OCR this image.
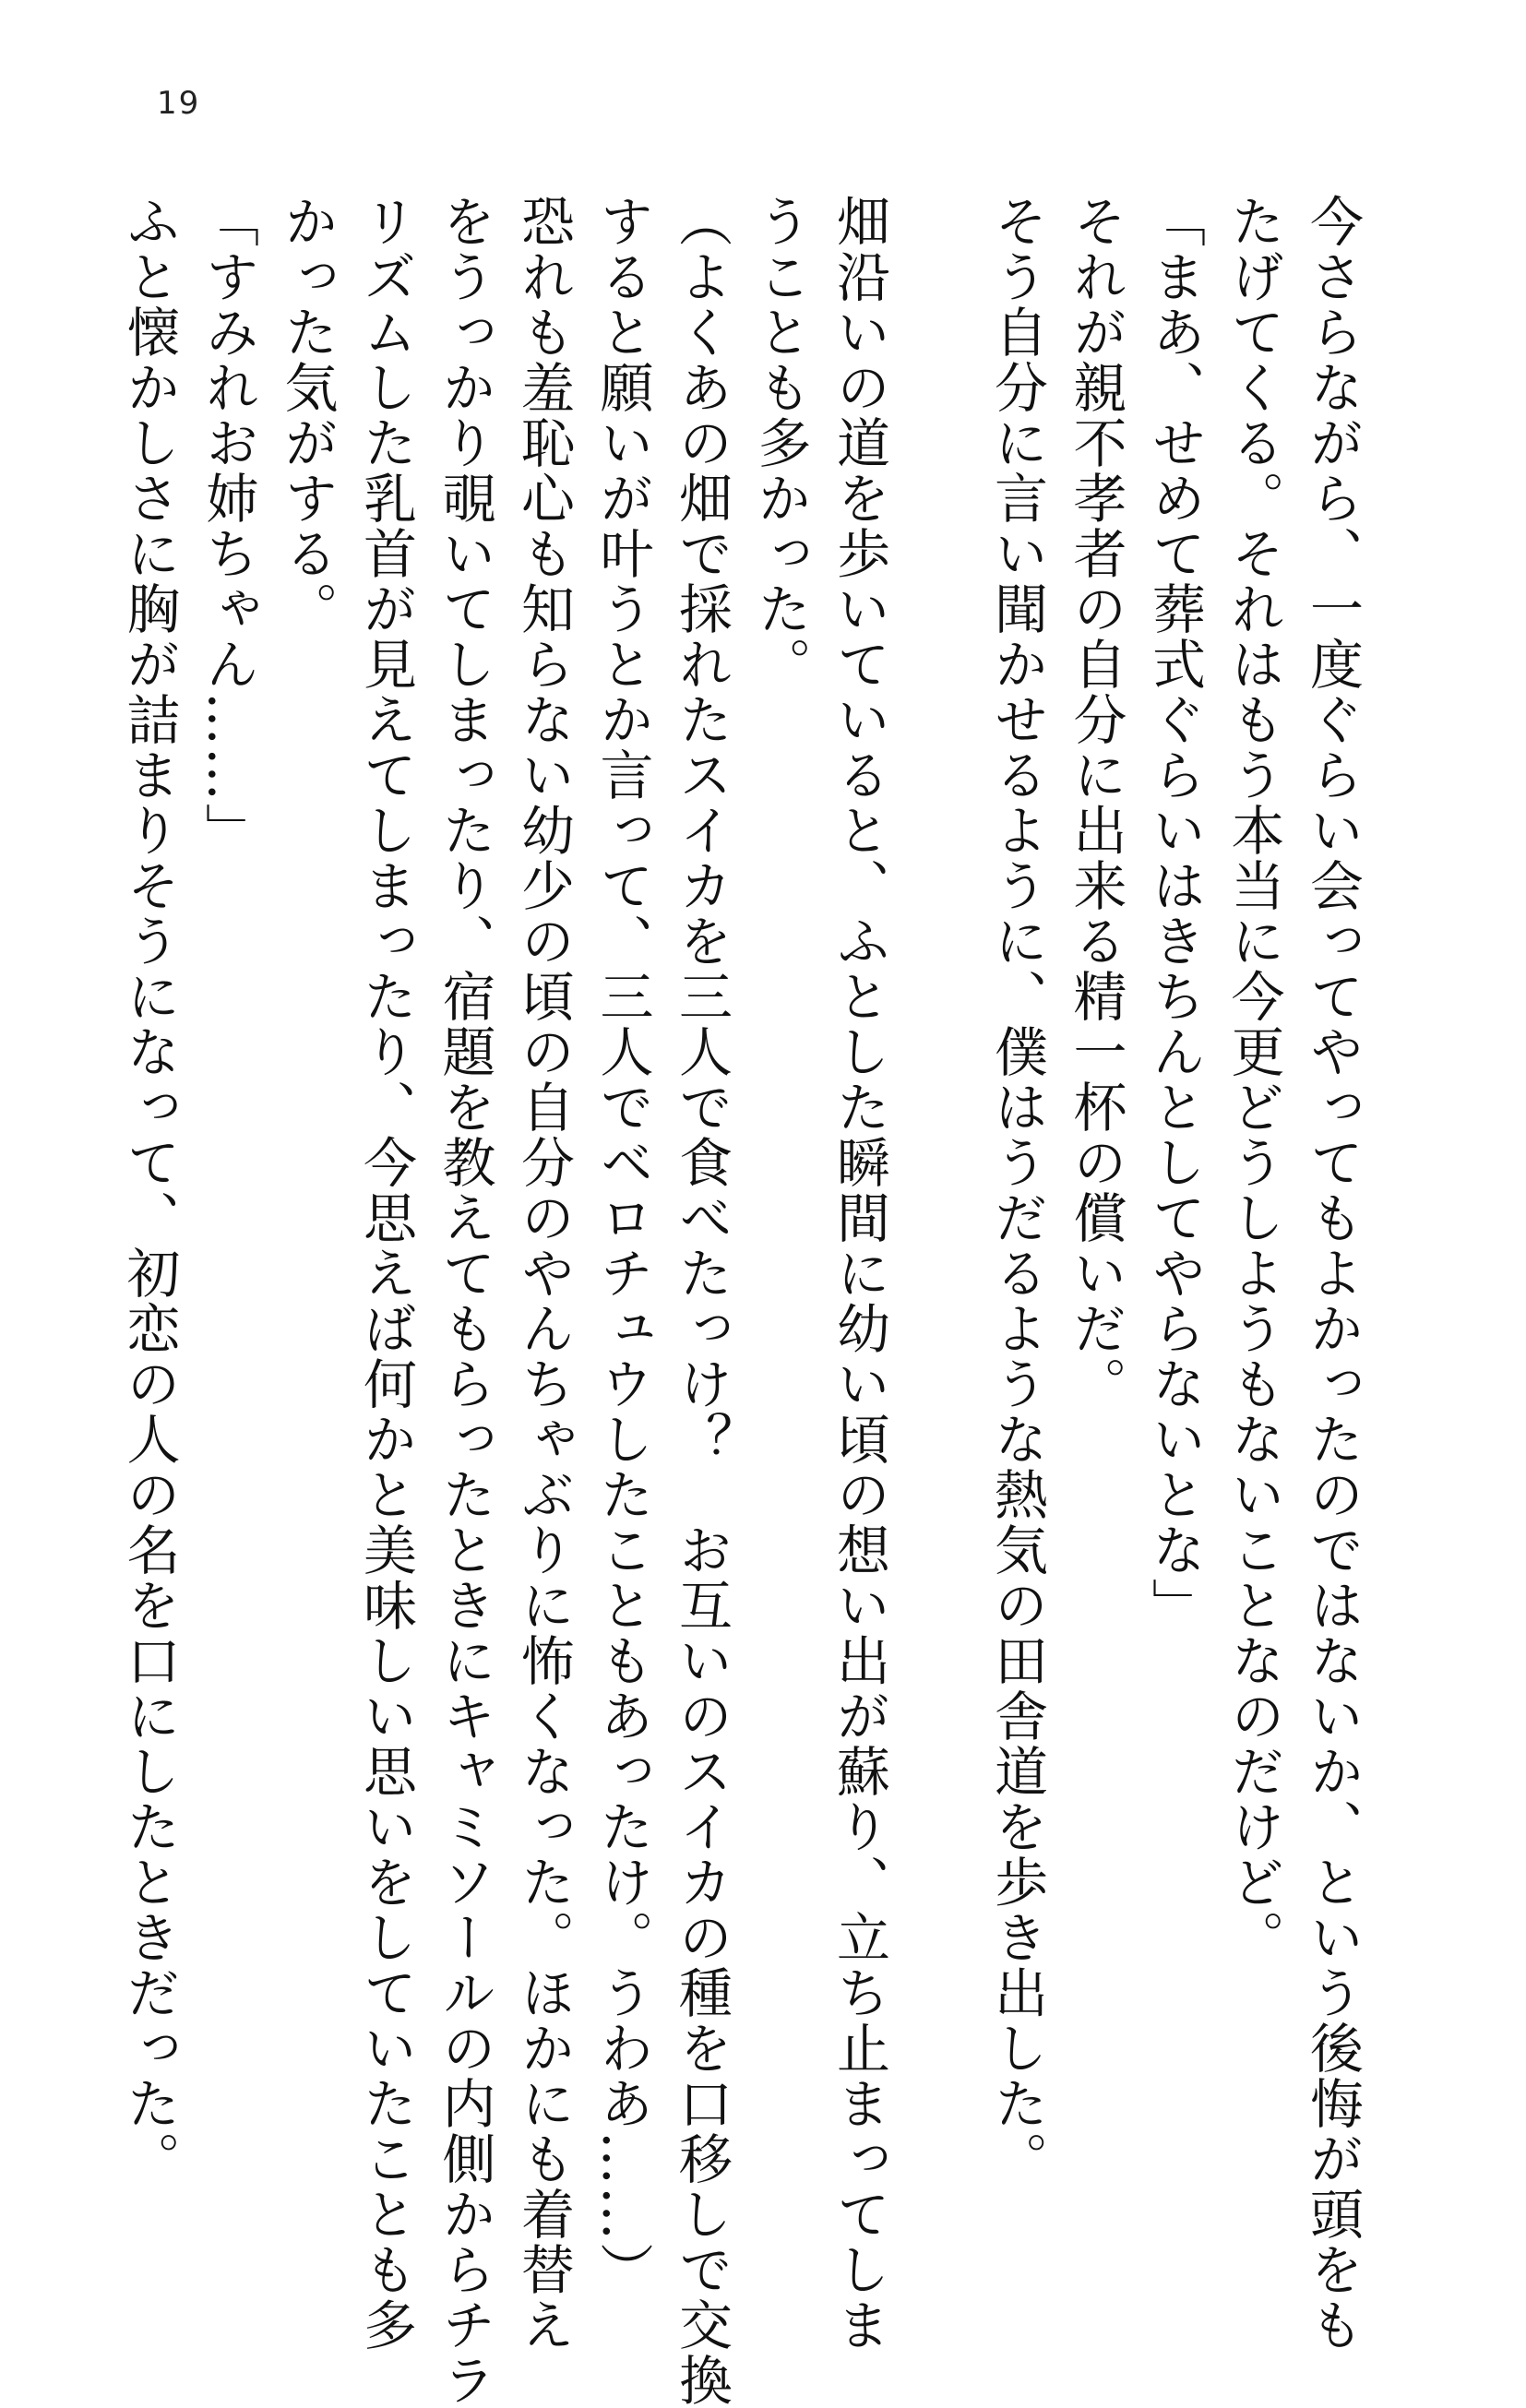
19
今さらながら、一度ぐらい会ってやってもよかったのではないか、という後悔が頭をも
たげてくる。それはもう本当に今更どうしようもないことなのだけど。
「まあ、せめて葬式ぐらいはきちんとしてやらないとな」
それが親不孝者の自分に出来る精一杯の償いだ。
そう自分に言い聞かせるように、僕はうだるような熱気の田舎道を歩き出した。
畑沿いの道を歩いていると、ふとした瞬間に幼い頃の想い出が蘇り、立ち止まってしま
うことも多かった。
（よくあの畑で採れたスイカを三人で食べたっけ？　お互いのスイカの種を口移しで交換
すると願いが叶うとか言って、三人でベロチュウしたこともあったけ。うわあ……）
恐れも羞恥心も知らない幼少の頃の自分のやんちゃぶりに怖くなった。ほかにも着替え
をうっかり覗いてしまったり、宿題を教えてもらったときにキャミソールの内側からチラ
リズムした乳首が見えてしまったり、今思えば何かと美味しい思いをしていたことも多
かった気がする。
「すみれお姉ちゃん……」
ふと懐かしさに胸が詰まりそうになって、初恋の人の名を口にしたときだった。
